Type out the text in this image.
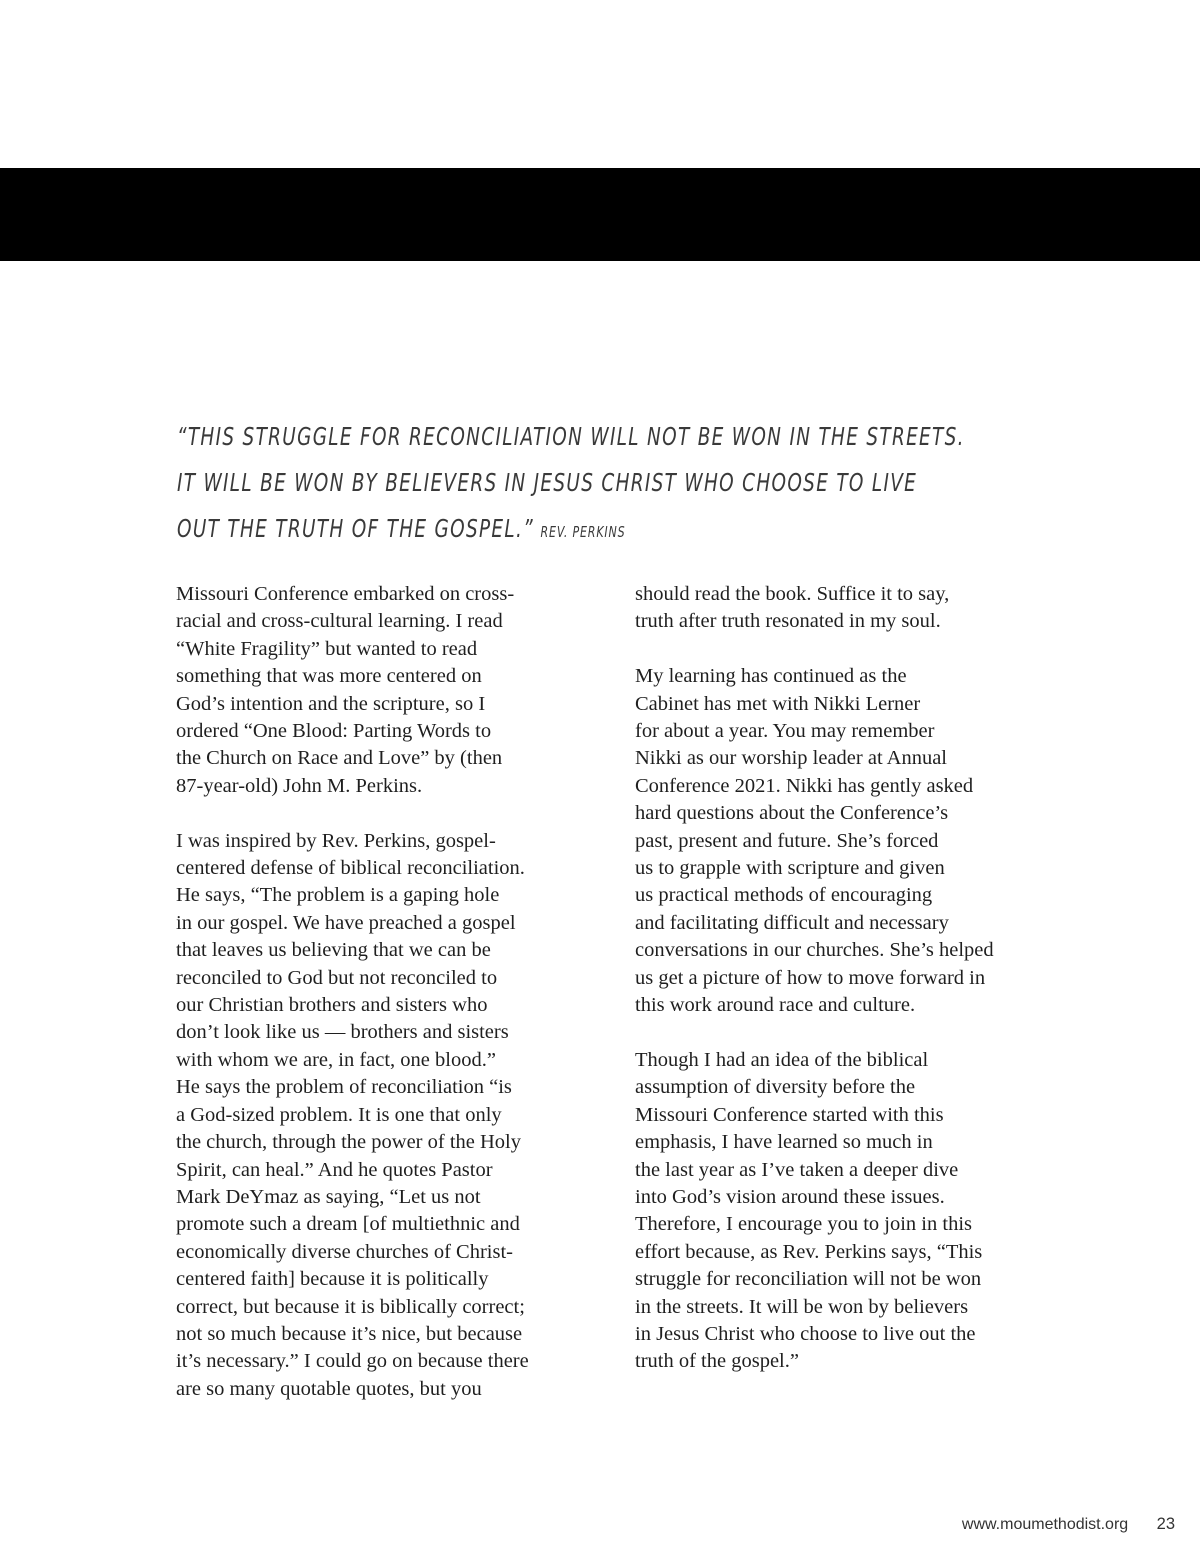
“THIS STRUGGLE FOR RECONCILIATION WILL NOT BE WON IN THE STREETS.
IT WILL BE WON BY BELIEVERS IN JESUS CHRIST WHO CHOOSE TO LIVE
OUT THE TRUTH OF THE GOSPEL.” REV. PERKINS

Missouri Conference embarked on cross-
racial and cross-cultural learning. I read
“White Fragility” but wanted to read
something that was more centered on
God’s intention and the scripture, so I
ordered “One Blood: Parting Words to
the Church on Race and Love” by (then
87-year-old) John M. Perkins.

I was inspired by Rev. Perkins, gospel-
centered defense of biblical reconciliation.
He says, “The problem is a gaping hole
in our gospel. We have preached a gospel
that leaves us believing that we can be
reconciled to God but not reconciled to
our Christian brothers and sisters who
don’t look like us — brothers and sisters
with whom we are, in fact, one blood.”
He says the problem of reconciliation “is
a God-sized problem. It is one that only
the church, through the power of the Holy
Spirit, can heal.” And he quotes Pastor
Mark DeYmaz as saying, “Let us not
promote such a dream [of multiethnic and
economically diverse churches of Christ-
centered faith] because it is politically
correct, but because it is biblically correct;
not so much because it’s nice, but because
it’s necessary.” I could go on because there
are so many quotable quotes, but you

should read the book. Suffice it to say,
truth after truth resonated in my soul.

My learning has continued as the
Cabinet has met with Nikki Lerner
for about a year. You may remember
Nikki as our worship leader at Annual
Conference 2021. Nikki has gently asked
hard questions about the Conference’s
past, present and future. She’s forced
us to grapple with scripture and given
us practical methods of encouraging
and facilitating difficult and necessary
conversations in our churches. She’s helped
us get a picture of how to move forward in
this work around race and culture.

Though I had an idea of the biblical
assumption of diversity before the
Missouri Conference started with this
emphasis, I have learned so much in
the last year as I’ve taken a deeper dive
into God’s vision around these issues.
Therefore, I encourage you to join in this
effort because, as Rev. Perkins says, “This
struggle for reconciliation will not be won
in the streets. It will be won by believers
in Jesus Christ who choose to live out the
truth of the gospel.”

www.moumethodist.org 23
